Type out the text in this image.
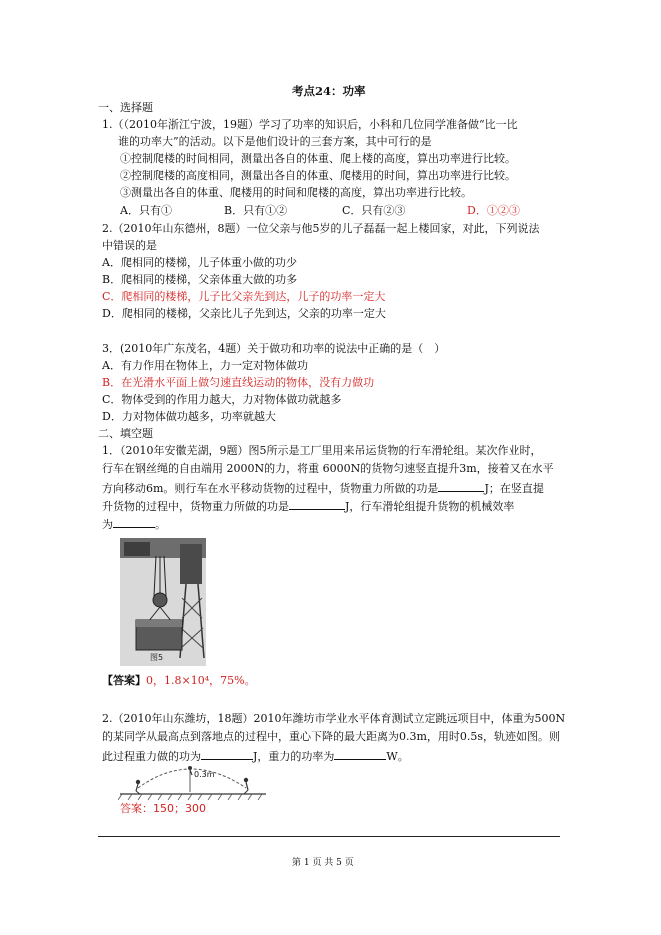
考点24：功率
一、选择题
1.（（2010年浙江宁波，19题）学习了功率的知识后，小科和几位同学准备做“比一比
谁的功率大”的活动。以下是他们设计的三套方案，其中可行的是
①控制爬楼的时间相同，测量出各自的体重、爬上楼的高度，算出功率进行比较。
②控制爬楼的高度相同，测量出各自的体重、爬楼用的时间，算出功率进行比较。
③测量出各自的体重、爬楼用的时间和爬楼的高度，算出功率进行比较。
A．只有①	B．只有①②	C．只有②③	D．①②③
2.（2010年山东德州，8题）一位父亲与他5岁的儿子磊磊一起上楼回家，对此，下列说法
中错误的是
A．爬相同的楼梯，儿子体重小做的功少
B．爬相同的楼梯，父亲体重大做的功多
C．爬相同的楼梯，儿子比父亲先到达，儿子的功率一定大
D．爬相同的楼梯，父亲比儿子先到达，父亲的功率一定大
3．(2010年广东茂名，4题）关于做功和功率的说法中正确的是（　）
A．有力作用在物体上，力一定对物体做功
B．在光滑水平面上做匀速直线运动的物体，没有力做功
C．物体受到的作用力越大，力对物体做功就越多
D．力对物体做功越多，功率就越大
二、填空题
1．（2010年安徽芜湖，9题）图5所示是工厂里用来吊运货物的行车滑轮组。某次作业时，
行车在钢丝绳的自由端用 2000N的力，将重 6000N的货物匀速竖直提升3m，接着又在水平
方向移动6m。则行车在水平移动货物的过程中，货物重力所做的功是	J；在竖直提
升货物的过程中，货物重力所做的功是	J，行车滑轮组提升货物的机械效率
为	。
图5
【答案】0，1.8×10⁴，75%。
2.（2010年山东潍坊，18题）2010年潍坊市学业水平体育测试立定跳远项目中，体重为500N
的某同学从最高点到落地点的过程中，重心下降的最大距离为0.3m，用时0.5s，轨迹如图。则
此过程重力做的功为	J，重力的功率为	W。
0.3m
答案：150；300
第 1 页 共 5 页
